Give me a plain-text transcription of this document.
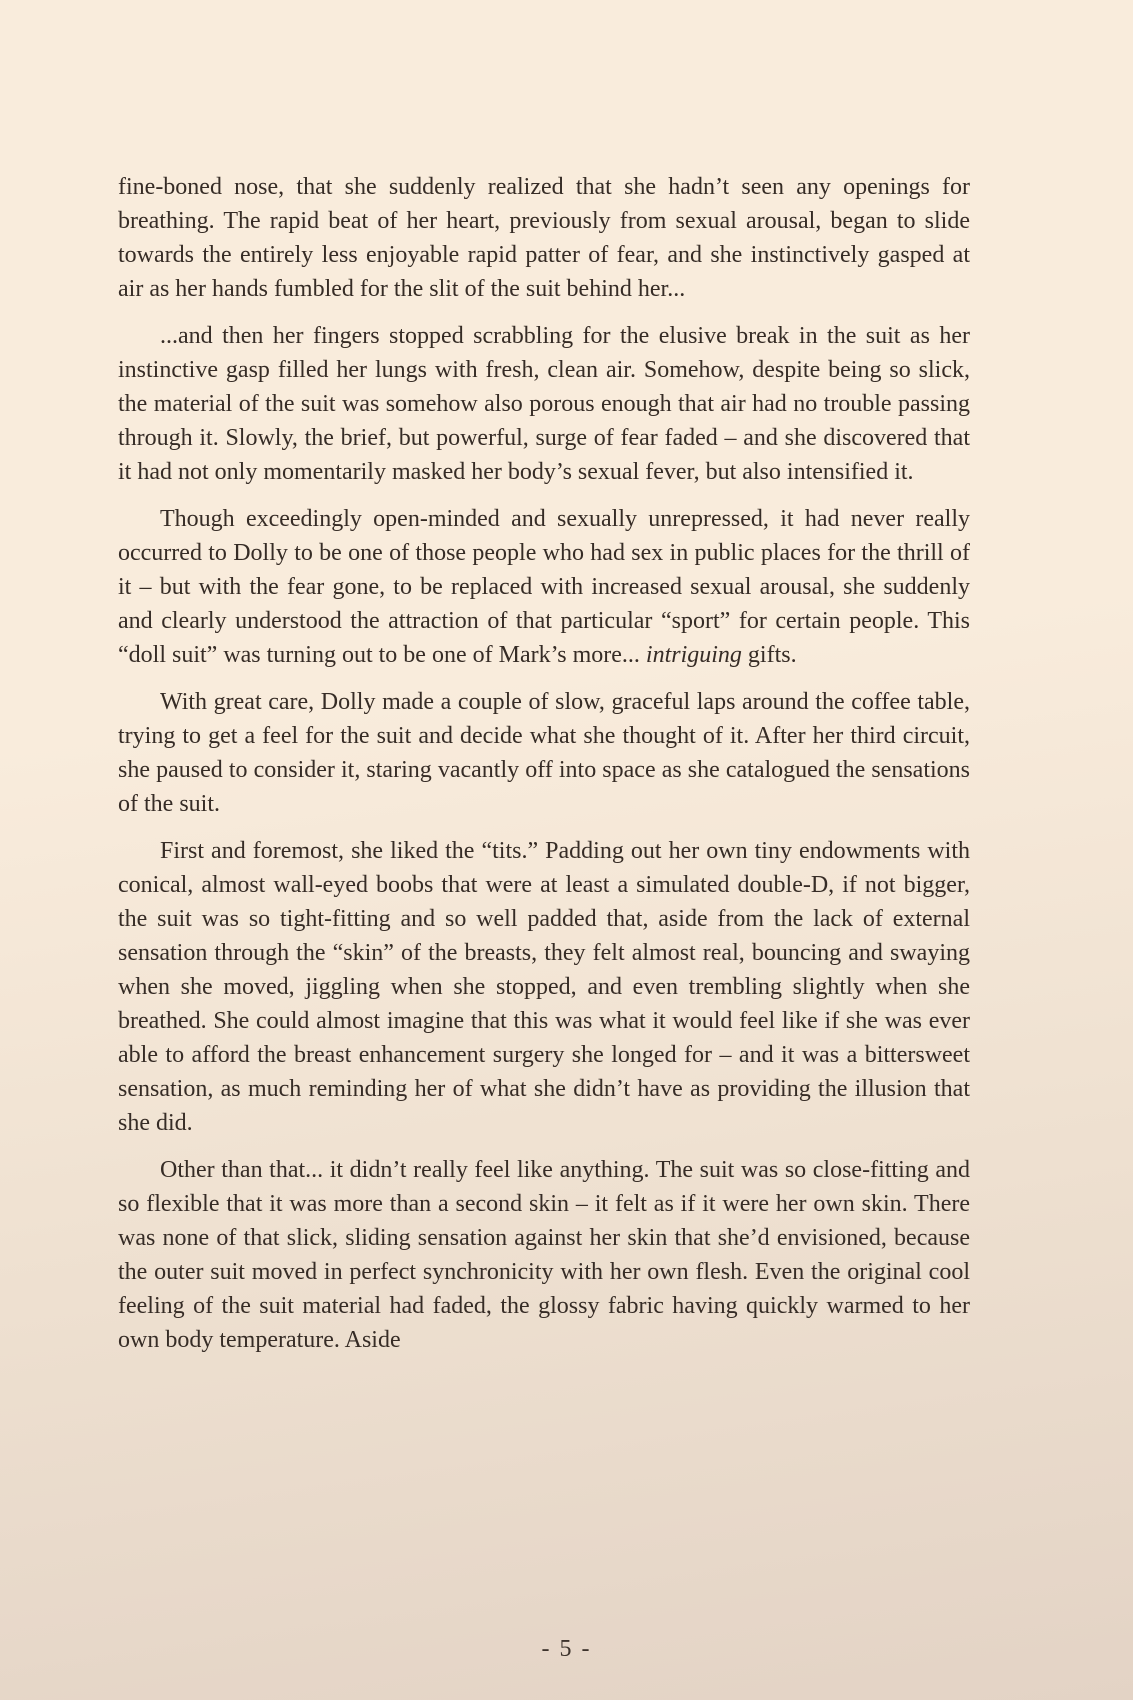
fine-boned nose, that she suddenly realized that she hadn’t seen any openings for breathing. The rapid beat of her heart, previously from sexual arousal, began to slide towards the entirely less enjoyable rapid patter of fear, and she instinctively gasped at air as her hands fumbled for the slit of the suit behind her...

...and then her fingers stopped scrabbling for the elusive break in the suit as her instinctive gasp filled her lungs with fresh, clean air. Somehow, despite being so slick, the material of the suit was somehow also porous enough that air had no trouble passing through it. Slowly, the brief, but powerful, surge of fear faded – and she discovered that it had not only momentarily masked her body’s sexual fever, but also intensified it.

Though exceedingly open-minded and sexually unrepressed, it had never really occurred to Dolly to be one of those people who had sex in public places for the thrill of it – but with the fear gone, to be replaced with increased sexual arousal, she suddenly and clearly understood the attraction of that particular “sport” for certain people. This “doll suit” was turning out to be one of Mark’s more... intriguing gifts.

With great care, Dolly made a couple of slow, graceful laps around the coffee table, trying to get a feel for the suit and decide what she thought of it. After her third circuit, she paused to consider it, staring vacantly off into space as she catalogued the sensations of the suit.

First and foremost, she liked the “tits.” Padding out her own tiny endowments with conical, almost wall-eyed boobs that were at least a simulated double-D, if not bigger, the suit was so tight-fitting and so well padded that, aside from the lack of external sensation through the “skin” of the breasts, they felt almost real, bouncing and swaying when she moved, jiggling when she stopped, and even trembling slightly when she breathed. She could almost imagine that this was what it would feel like if she was ever able to afford the breast enhancement surgery she longed for – and it was a bittersweet sensation, as much reminding her of what she didn’t have as providing the illusion that she did.

Other than that... it didn’t really feel like anything. The suit was so close-fitting and so flexible that it was more than a second skin – it felt as if it were her own skin. There was none of that slick, sliding sensation against her skin that she’d envisioned, because the outer suit moved in perfect synchronicity with her own flesh. Even the original cool feeling of the suit material had faded, the glossy fabric having quickly warmed to her own body temperature. Aside

- 5 -
